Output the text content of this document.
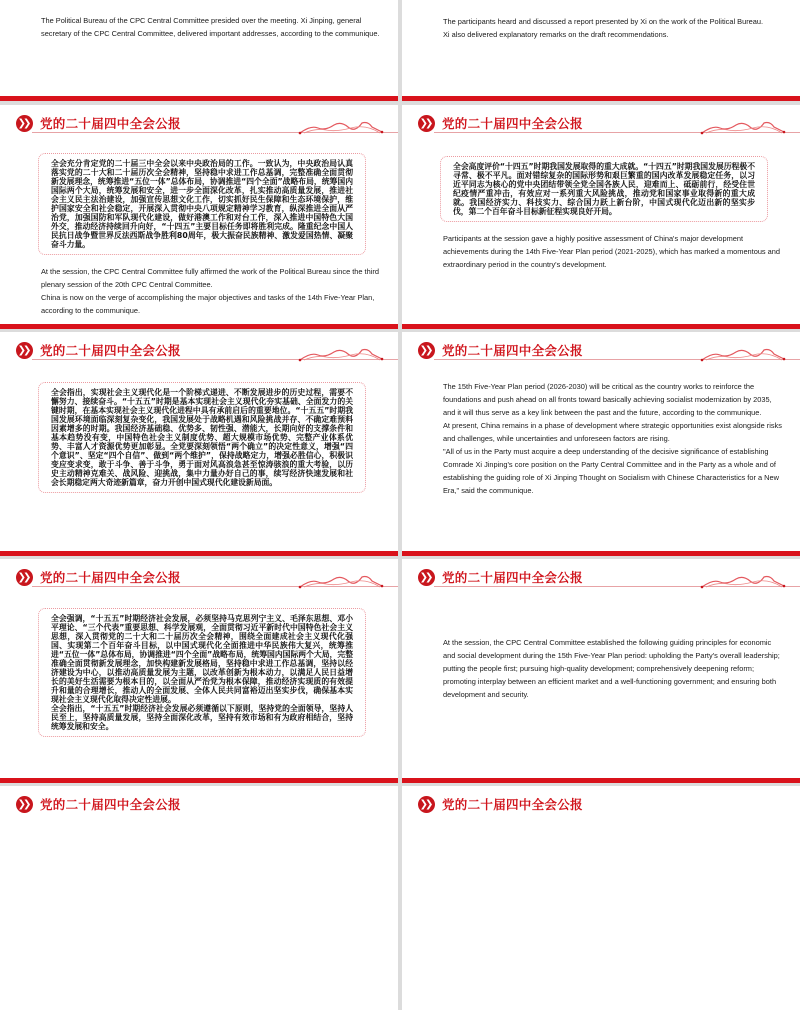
The Political Bureau of the CPC Central Committee presided over the meeting. Xi Jinping, general secretary of the CPC Central Committee, delivered important addresses, according to the communique.

The participants heard and discussed a report presented by Xi on the work of the Political Bureau.

Xi also delivered explanatory remarks on the draft recommendations.

❯❯ 党的二十届四中全会公报
全会充分肯定党的二十届三中全会以来中央政治局的工作。一致认为，中央政治局认真落实党的二十大和二十届历次全会精神，坚持稳中求进工作总基调，完整准确全面贯彻新发展理念，统筹推进“五位一体”总体布局，协调推进“四个全面”战略布局，统筹国内国际两个大局，统筹发展和安全，进一步全面深化改革，扎实推动高质量发展，推进社会主义民主法治建设，加强宣传思想文化工作，切实抓好民生保障和生态环境保护，维护国家安全和社会稳定，开展深入贯彻中央八项规定精神学习教育，纵深推进全面从严治党，加强国防和军队现代化建设，做好港澳工作和对台工作，深入推进中国特色大国外交，推动经济持续回升向好，“十四五”主要目标任务即将胜利完成。隆重纪念中国人民抗日战争暨世界反法西斯战争胜利80周年，极大振奋民族精神、激发爱国热情、凝聚奋斗力量。

At the session, the CPC Central Committee fully affirmed the work of the Political Bureau since the third plenary session of the 20th CPC Central Committee.

China is now on the verge of accomplishing the major objectives and tasks of the 14th Five-Year Plan, according to the communique.

❯❯ 党的二十届四中全会公报
全会高度评价“十四五”时期我国发展取得的重大成就。“十四五”时期我国发展历程极不寻常、极不平凡。面对错综复杂的国际形势和艰巨繁重的国内改革发展稳定任务，以习近平同志为核心的党中央团结带领全党全国各族人民，迎难而上、砥砺前行，经受住世纪疫情严重冲击，有效应对一系列重大风险挑战，推动党和国家事业取得新的重大成就。我国经济实力、科技实力、综合国力跃上新台阶，中国式现代化迈出新的坚实步伐，第二个百年奋斗目标新征程实现良好开局。

Participants at the session gave a highly positive assessment of China's major development achievements during the 14th Five-Year Plan period (2021-2025), which has marked a momentous and extraordinary period in the country's development.

❯❯ 党的二十届四中全会公报
全会指出，实现社会主义现代化是一个阶梯式递进、不断发展进步的历史过程，需要不懈努力、接续奋斗。“十五五”时期是基本实现社会主义现代化夯实基础、全面发力的关键时期，在基本实现社会主义现代化进程中具有承前启后的重要地位。“十五五”时期我国发展环境面临深刻复杂变化，我国发展处于战略机遇和风险挑战并存、不确定难预料因素增多的时期。我国经济基础稳、优势多、韧性强、潜能大，长期向好的支撑条件和基本趋势没有变，中国特色社会主义制度优势、超大规模市场优势、完整产业体系优势、丰富人才资源优势更加彰显。全党要深刻领悟“两个确立”的决定性意义，增强“四个意识”、坚定“四个自信”、做到“两个维护”，保持战略定力，增强必胜信心，积极识变应变求变，敢于斗争、善于斗争，勇于面对风高浪急甚至惊涛骇浪的重大考验，以历史主动精神克难关、战风险、迎挑战，集中力量办好自己的事，续写经济快速发展和社会长期稳定两大奇迹新篇章，奋力开创中国式现代化建设新局面。
❯❯ 党的二十届四中全会公报

The 15th Five-Year Plan period (2026-2030) will be critical as the country works to reinforce the foundations and push ahead on all fronts toward basically achieving socialist modernization by 2035, and it will thus serve as a key link between the past and the future, according to the communique.

At present, China remains in a phase of development where strategic opportunities exist alongside risks and challenges, while uncertainties and unforeseen factors are rising.

"All of us in the Party must acquire a deep understanding of the decisive significance of establishing Comrade Xi Jinping's core position on the Party Central Committee and in the Party as a whole and of establishing the guiding role of Xi Jinping Thought on Socialism with Chinese Characteristics for a New Era," said the communique.

❯❯ 党的二十届四中全会公报
全会强调，“十五五”时期经济社会发展，必须坚持马克思列宁主义、毛泽东思想、邓小平理论、“三个代表”重要思想、科学发展观，全面贯彻习近平新时代中国特色社会主义思想，深入贯彻党的二十大和二十届历次全会精神，围绕全面建成社会主义现代化强国、实现第二个百年奋斗目标，以中国式现代化全面推进中华民族伟大复兴，统筹推进“五位一体”总体布局，协调推进“四个全面”战略布局，统筹国内国际两个大局，完整准确全面贯彻新发展理念，加快构建新发展格局，坚持稳中求进工作总基调，坚持以经济建设为中心，以推动高质量发展为主题，以改革创新为根本动力，以满足人民日益增长的美好生活需要为根本目的，以全面从严治党为根本保障，推动经济实现质的有效提升和量的合理增长，推动人的全面发展、全体人民共同富裕迈出坚实步伐，确保基本实现社会主义现代化取得决定性进展。
全会指出，“十五五”时期经济社会发展必须遵循以下原则，坚持党的全面领导，坚持人民至上，坚持高质量发展，坚持全面深化改革，坚持有效市场和有为政府相结合，坚持统筹发展和安全。
❯❯ 党的二十届四中全会公报

At the session, the CPC Central Committee established the following guiding principles for economic and social development during the 15th Five-Year Plan period: upholding the Party's overall leadership; putting the people first; pursuing high-quality development; comprehensively deepening reform; promoting interplay between an efficient market and a well-functioning government; and ensuring both development and security.

❯❯ 党的二十届四中全会公报	❯❯ 党的二十届四中全会公报
